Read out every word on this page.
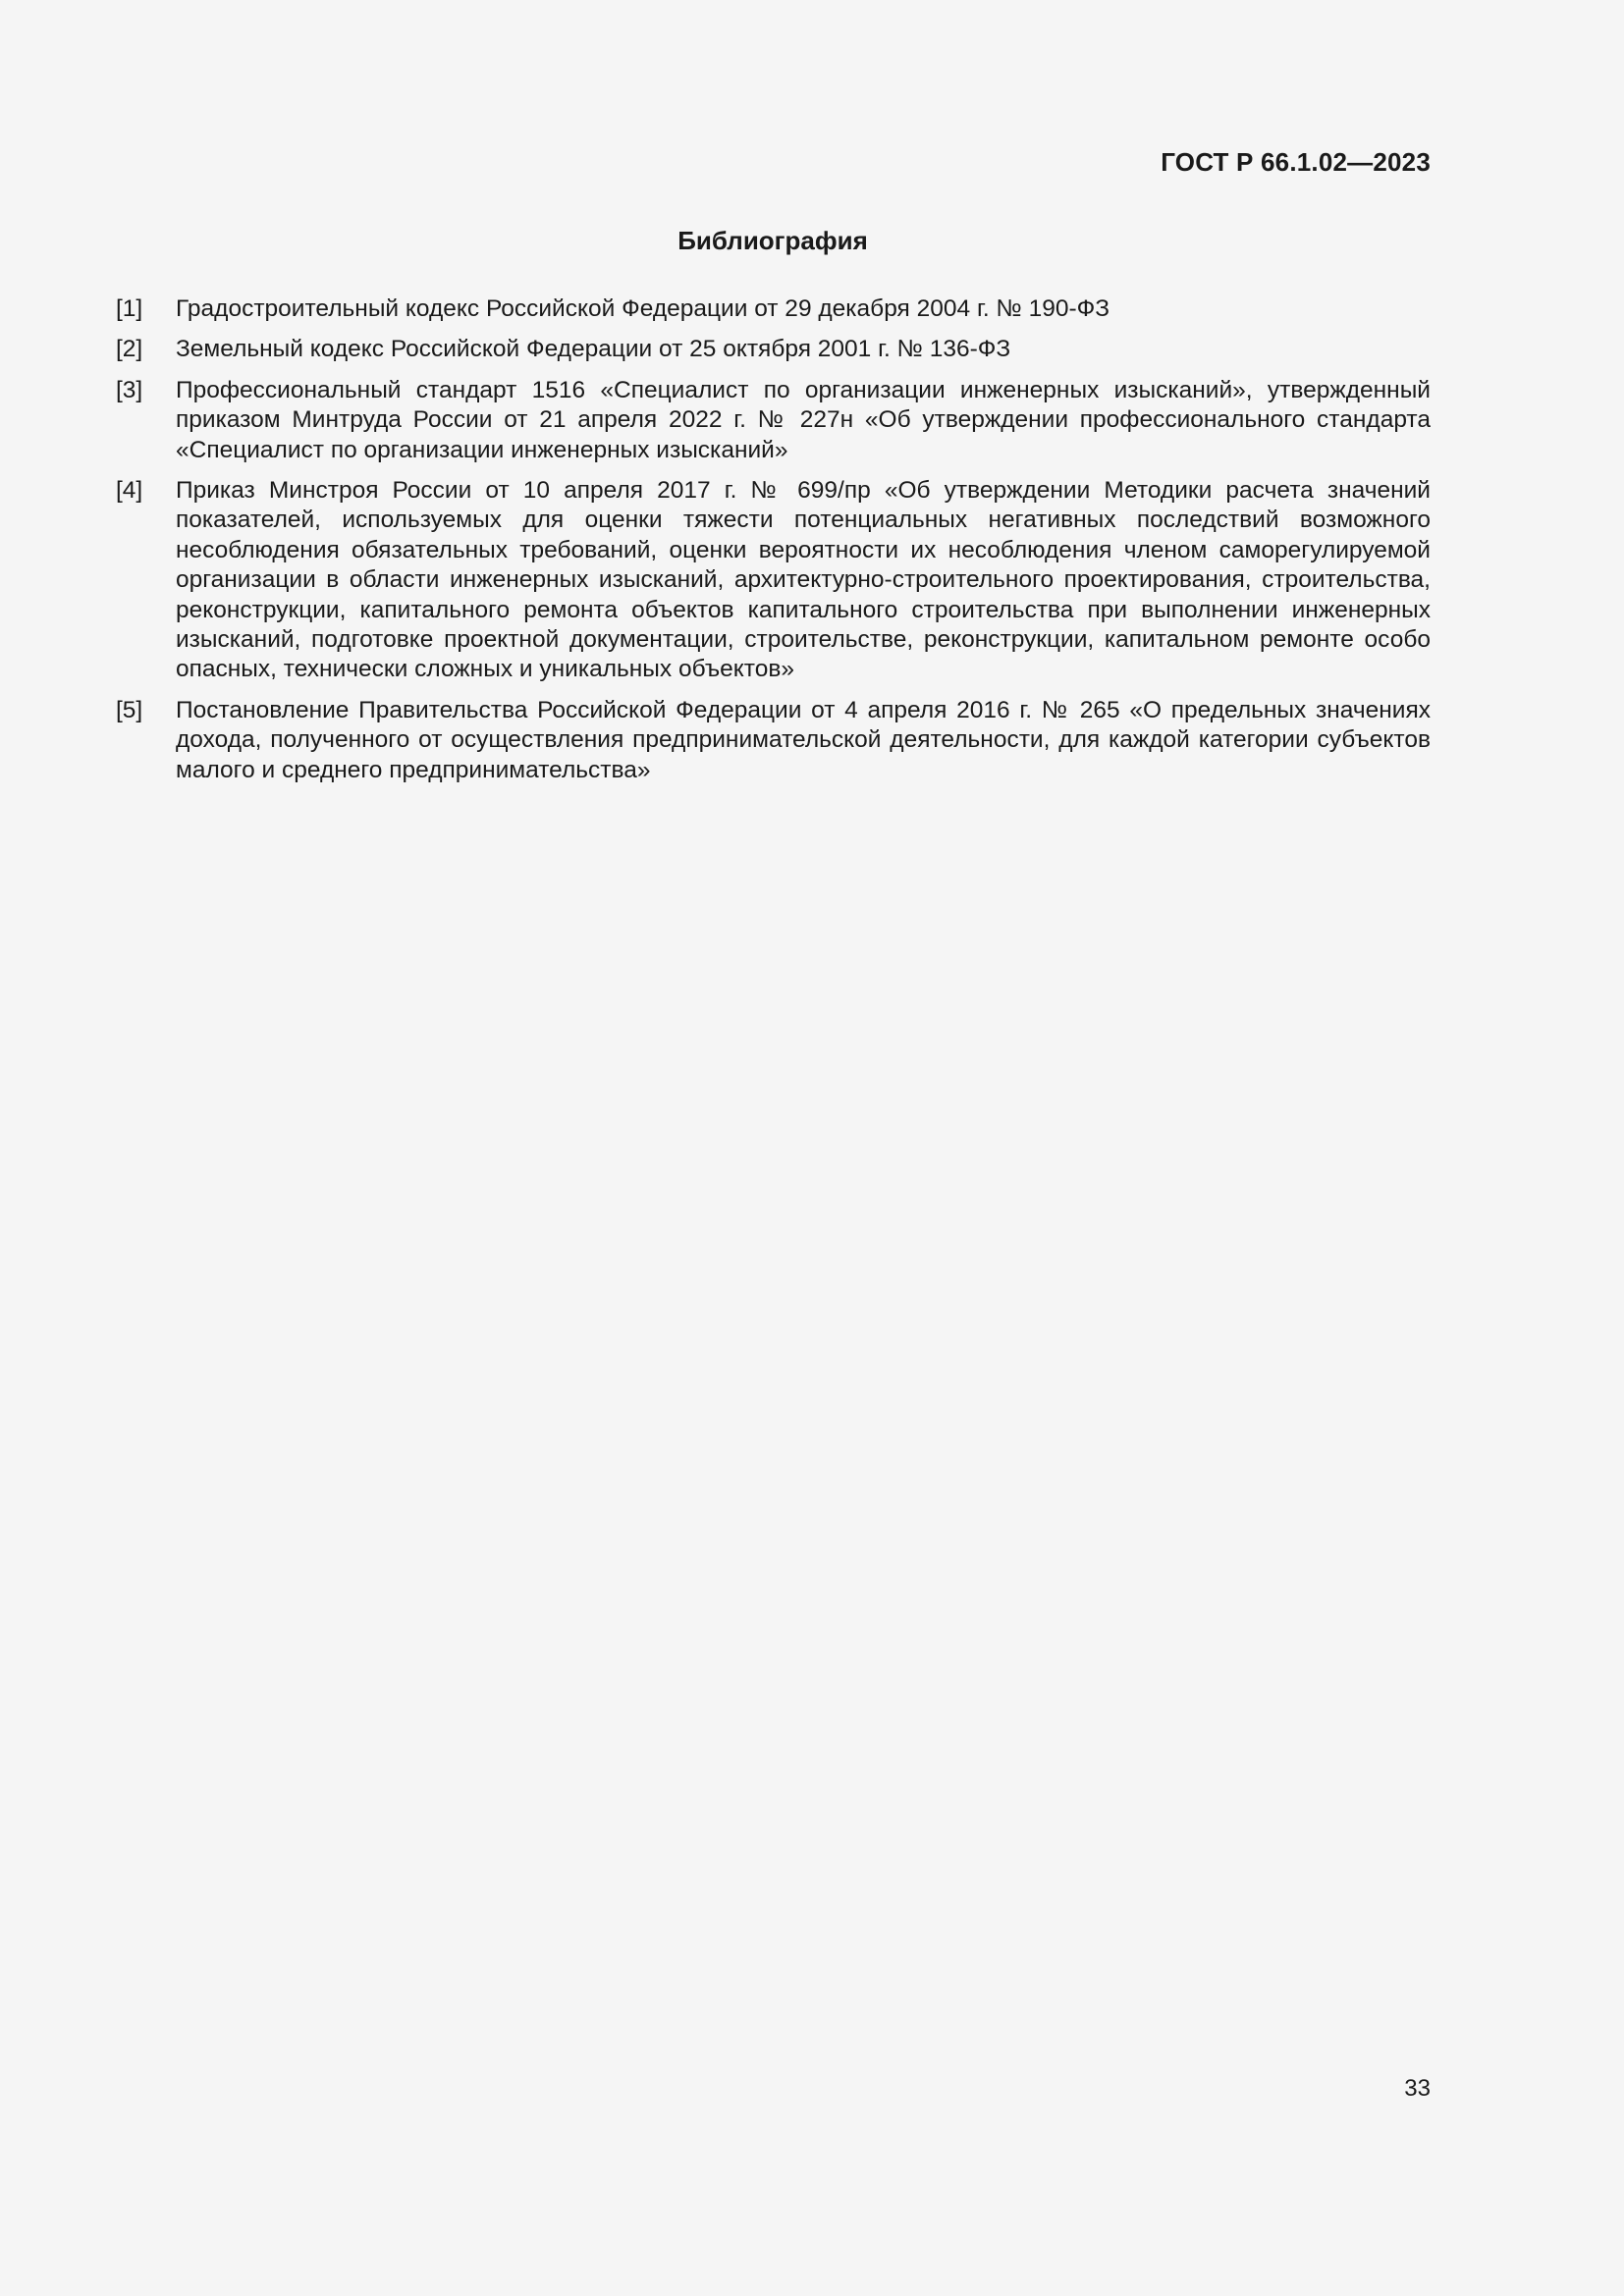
ГОСТ Р 66.1.02—2023
Библиография
[1]	Градостроительный кодекс Российской Федерации от 29 декабря 2004 г. № 190-ФЗ
[2]	Земельный кодекс Российской Федерации от 25 октября 2001 г. № 136-ФЗ
[3]	Профессиональный стандарт 1516 «Специалист по организации инженерных изысканий», утвержденный приказом Минтруда России от 21 апреля 2022 г. № 227н «Об утверждении профессионального стандарта «Специалист по организации инженерных изысканий»
[4]	Приказ Минстроя России от 10 апреля 2017 г. № 699/пр «Об утверждении Методики расчета значений показателей, используемых для оценки тяжести потенциальных негативных последствий возможного несоблюдения обязательных требований, оценки вероятности их несоблюдения членом саморегулируемой организации в области инженерных изысканий, архитектурно-строительного проектирования, строительства, реконструкции, капитального ремонта объектов капитального строительства при выполнении инженерных изысканий, подготовке проектной документации, строительстве, реконструкции, капитальном ремонте особо опасных, технически сложных и уникальных объектов»
[5]	Постановление Правительства Российской Федерации от 4 апреля 2016 г. № 265 «О предельных значениях дохода, полученного от осуществления предпринимательской деятельности, для каждой категории субъектов малого и среднего предпринимательства»
33
